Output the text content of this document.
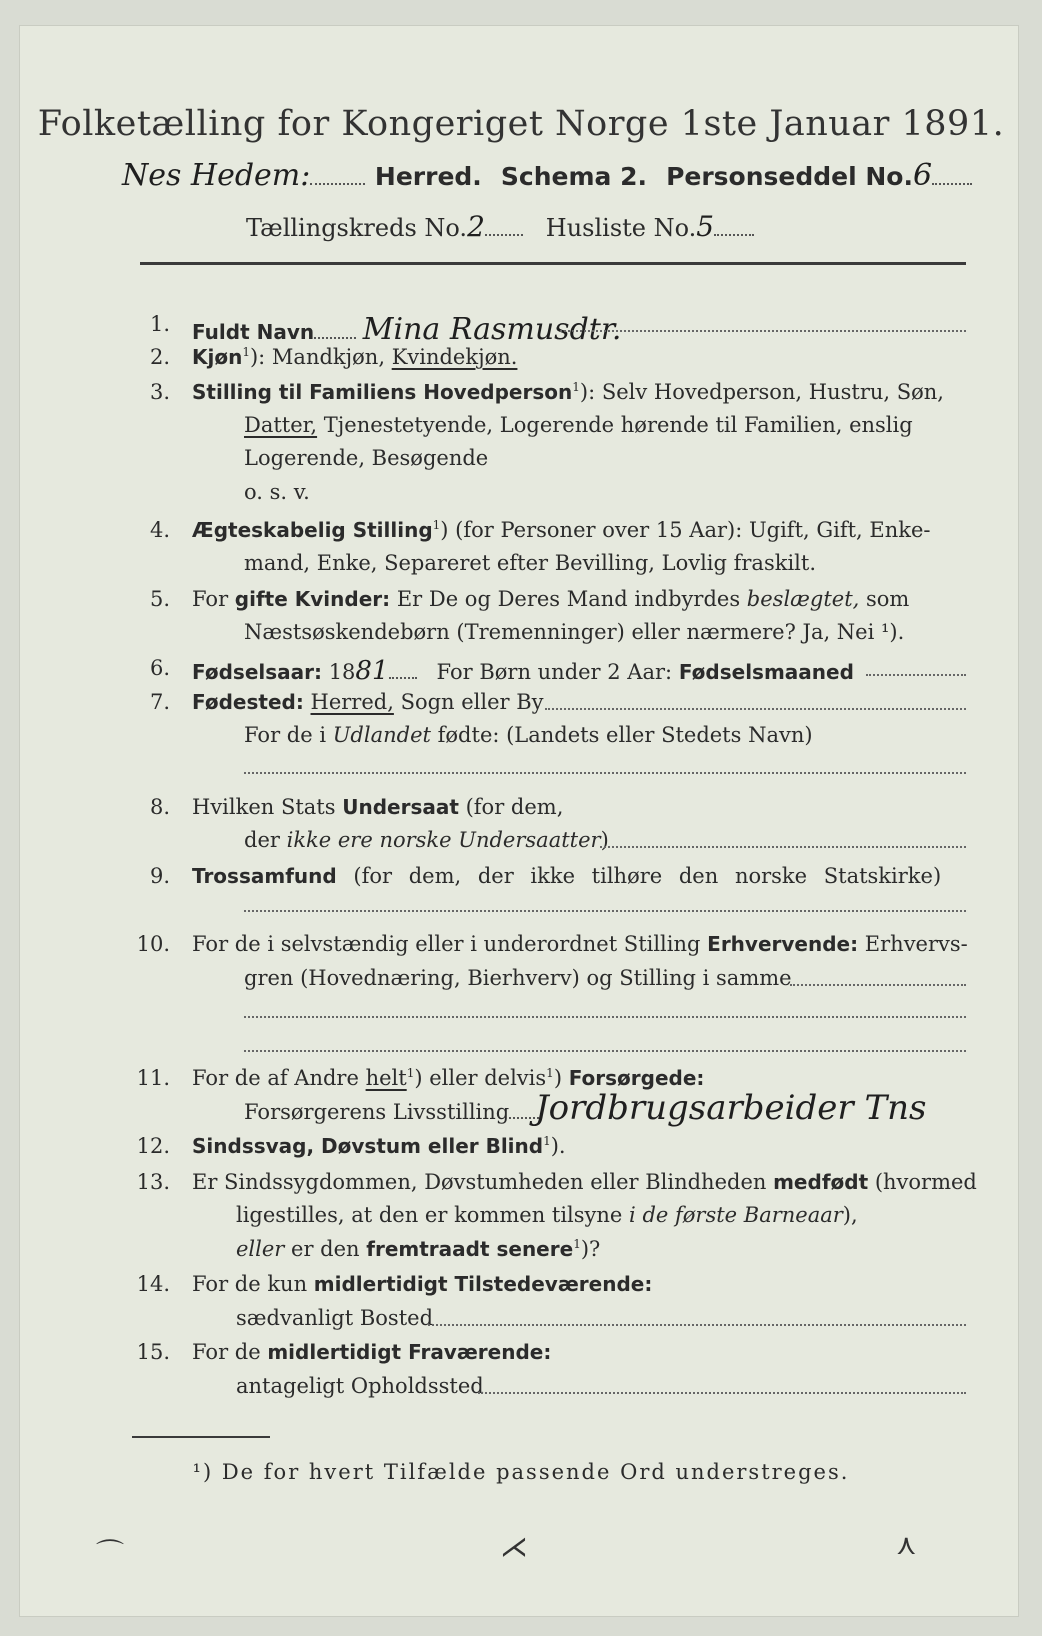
Folketælling for Kongeriget Norge 1ste Januar 1891.
Nes Hedem:	Herred. Schema 2. Personseddel No.6
Tællingskreds No.2	Husliste No.5
1. Fuldt Navn Mina Rasmusdtr.
2. Kjøn$^1$): Mandkjøn, Kvindekjøn.
3. Stilling til Familiens Hovedperson$^1$): Selv Hovedperson, Hustru, Søn,
Datter, Tjenestetyende, Logerende hørende til Familien, enslig
Logerende, Besøgende
o. s. v.
4. Ægteskabelig Stilling$^1$) (for Personer over 15 Aar): Ugift, Gift, Enke-
mand, Enke, Separeret efter Bevilling, Lovlig fraskilt.
5. For gifte Kvinder: Er De og Deres Mand indbyrdes beslægtet, som
Næstsøskendebørn (Tremenninger) eller nærmere? Ja, Nei ¹).
6. Fødselsaar: 1881 For Børn under 2 Aar: Fødselsmaaned
7. Fødested: Herred, Sogn eller By
For de i Udlandet fødte: (Landets eller Stedets Navn)
8. Hvilken Stats Undersaat (for dem,
der ikke ere norske Undersaatter)
9. Trossamfund (for dem, der ikke tilhøre den norske Statskirke)
10. For de i selvstændig eller i underordnet Stilling Erhvervende: Erhvervs-
gren (Hovednæring, Bierhverv) og Stilling i samme
11. For de af Andre helt$^1$) eller delvis$^1$) Forsørgede:
Forsørgerens Livsstilling Jordbrugsarbeider Tns
12. Sindssvag, Døvstum eller Blind$^1$).
13. Er Sindssygdommen, Døvstumheden eller Blindheden medfødt (hvormed
ligestilles, at den er kommen tilsyne i de første Barneaar),
eller er den fremtraadt senere$^1$)?
14. For de kun midlertidigt Tilstedeværende:
sædvanligt Bosted
15. For de midlertidigt Fraværende:
antageligt Opholdssted
¹) De for hvert Tilfælde passende Ord understreges.
⌒	⋌	⋏
